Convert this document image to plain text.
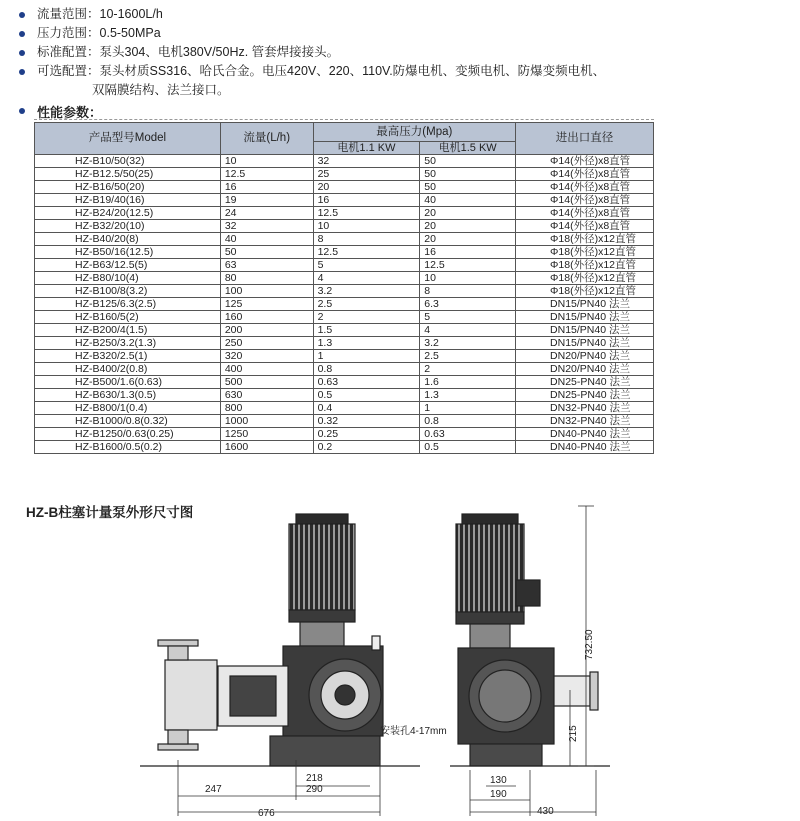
流量范围：10-1600L/h
压力范围：0.5-50MPa
标准配置：泵头304、电机380V/50Hz. 管套焊接接头。
可选配置：泵头材质SS316、哈氏合金。电压420V、220、110V.防爆电机、变频电机、防爆变频电机、
双隔膜结构、法兰接口。
性能参数：
产品型号Model	流量(L/h)	最高压力(Mpa)		进出口直径
		电机1.1 KW	电机1.5 KW	
HZ-B10/50(32)	10	32	50	Φ14(外径)x8直管
HZ-B12.5/50(25)	12.5	25	50	Φ14(外径)x8直管
HZ-B16/50(20)	16	20	50	Φ14(外径)x8直管
HZ-B19/40(16)	19	16	40	Φ14(外径)x8直管
HZ-B24/20(12.5)	24	12.5	20	Φ14(外径)x8直管
HZ-B32/20(10)	32	10	20	Φ14(外径)x8直管
HZ-B40/20(8)	40	8	20	Φ18(外径)x12直管
HZ-B50/16(12.5)	50	12.5	16	Φ18(外径)x12直管
HZ-B63/12.5(5)	63	5	12.5	Φ18(外径)x12直管
HZ-B80/10(4)	80	4	10	Φ18(外径)x12直管
HZ-B100/8(3.2)	100	3.2	8	Φ18(外径)x12直管
HZ-B125/6.3(2.5)	125	2.5	6.3	DN15/PN40 法兰
HZ-B160/5(2)	160	2	5	DN15/PN40 法兰
HZ-B200/4(1.5)	200	1.5	4	DN15/PN40 法兰
HZ-B250/3.2(1.3)	250	1.3	3.2	DN15/PN40 法兰
HZ-B320/2.5(1)	320	1	2.5	DN20/PN40 法兰
HZ-B400/2(0.8)	400	0.8	2	DN20/PN40 法兰
HZ-B500/1.6(0.63)	500	0.63	1.6	DN25-PN40 法兰
HZ-B630/1.3(0.5)	630	0.5	1.3	DN25-PN40 法兰
HZ-B800/1(0.4)	800	0.4	1	DN32-PN40 法兰
HZ-B1000/0.8(0.32)	1000	0.32	0.8	DN32-PN40 法兰
HZ-B1250/0.63(0.25)	1250	0.25	0.63	DN40-PN40 法兰
HZ-B1600/0.5(0.2)	1600	0.2	0.5	DN40-PN40 法兰
HZ-B柱塞计量泵外形尺寸图
247
218
290
676
安装孔4-17mm
732.50
215
130
190
430
